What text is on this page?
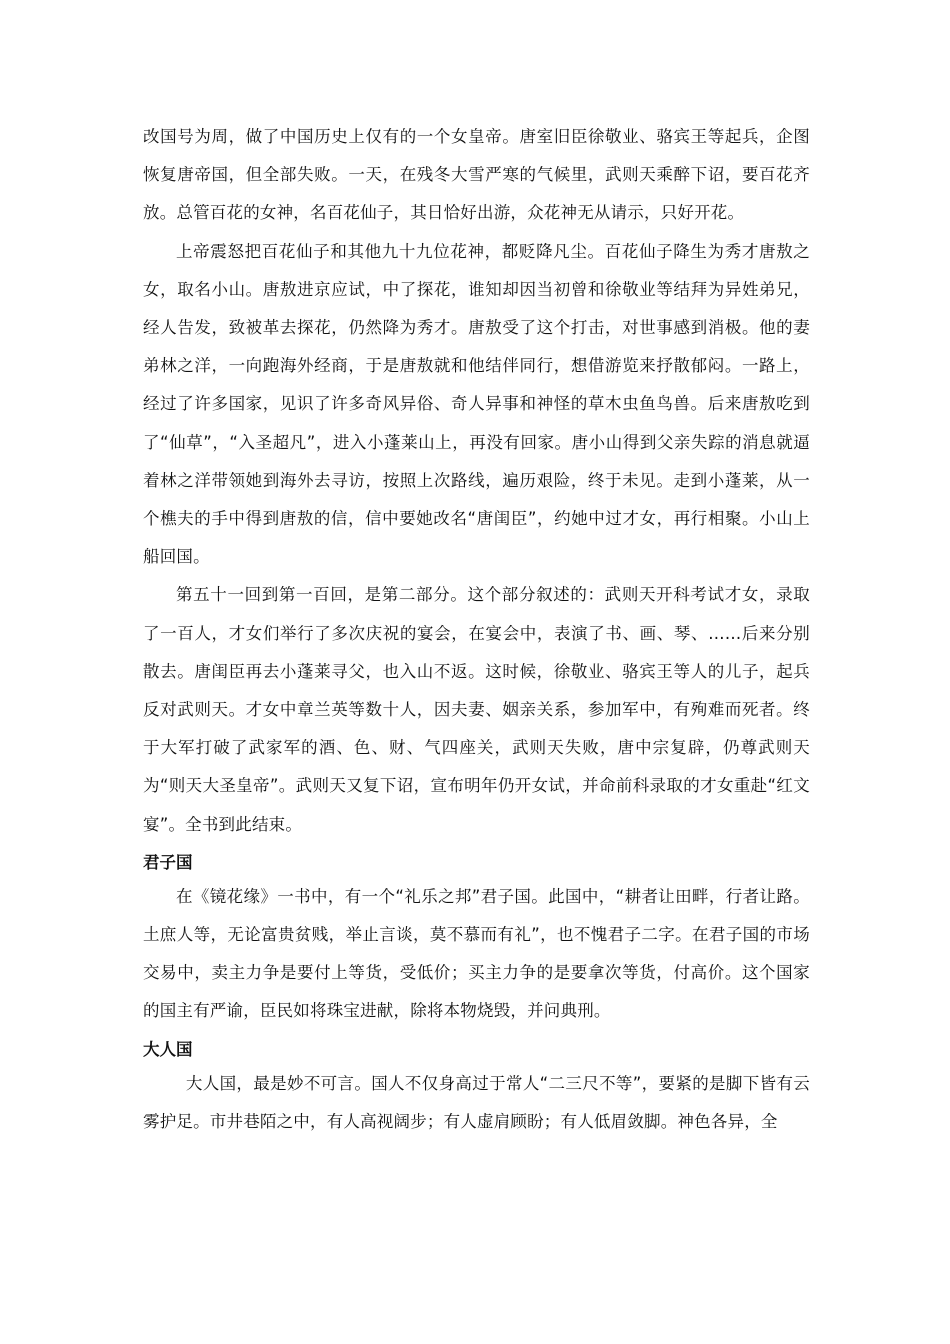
改国号为周，做了中国历史上仅有的一个女皇帝。唐室旧臣徐敬业、骆宾王等起兵，企图恢复唐帝国，但全部失败。一天，在残冬大雪严寒的气候里，武则天乘醉下诏，要百花齐放。总管百花的女神，名百花仙子，其日恰好出游，众花神无从请示，只好开花。

上帝震怒把百花仙子和其他九十九位花神，都贬降凡尘。百花仙子降生为秀才唐敖之女，取名小山。唐敖进京应试，中了探花，谁知却因当初曾和徐敬业等结拜为异姓弟兄，经人告发，致被革去探花，仍然降为秀才。唐敖受了这个打击，对世事感到消极。他的妻弟林之洋，一向跑海外经商，于是唐敖就和他结伴同行，想借游览来抒散郁闷。一路上，经过了许多国家，见识了许多奇风异俗、奇人异事和神怪的草木虫鱼鸟兽。后来唐敖吃到了“仙草”，“入圣超凡”，进入小蓬莱山上，再没有回家。唐小山得到父亲失踪的消息就逼着林之洋带领她到海外去寻访，按照上次路线，遍历艰险，终于未见。走到小蓬莱，从一个樵夫的手中得到唐敖的信，信中要她改名“唐闺臣”，约她中过才女，再行相聚。小山上船回国。

第五十一回到第一百回，是第二部分。这个部分叙述的：武则天开科考试才女，录取了一百人，才女们举行了多次庆祝的宴会，在宴会中，表演了书、画、琴、……后来分别散去。唐闺臣再去小蓬莱寻父，也入山不返。这时候，徐敬业、骆宾王等人的儿子，起兵反对武则天。才女中章兰英等数十人，因夫妻、姻亲关系，参加军中，有殉难而死者。终于大军打破了武家军的酒、色、财、气四座关，武则天失败，唐中宗复辟，仍尊武则天为“则天大圣皇帝”。武则天又复下诏，宣布明年仍开女试，并命前科录取的才女重赴“红文宴”。全书到此结束。

君子国

在《镜花缘》一书中，有一个“礼乐之邦”君子国。此国中，“耕者让田畔，行者让路。土庶人等，无论富贵贫贱，举止言谈，莫不慕而有礼”，也不愧君子二字。在君子国的市场交易中，卖主力争是要付上等货，受低价；买主力争的是要拿次等货，付高价。这个国家的国主有严谕，臣民如将珠宝进献，除将本物烧毁，并问典刑。

大人国

大人国，最是妙不可言。国人不仅身高过于常人“二三尺不等”，要紧的是脚下皆有云雾护足。市井巷陌之中，有人高视阔步；有人虚肩顾盼；有人低眉敛脚。神色各异，全
